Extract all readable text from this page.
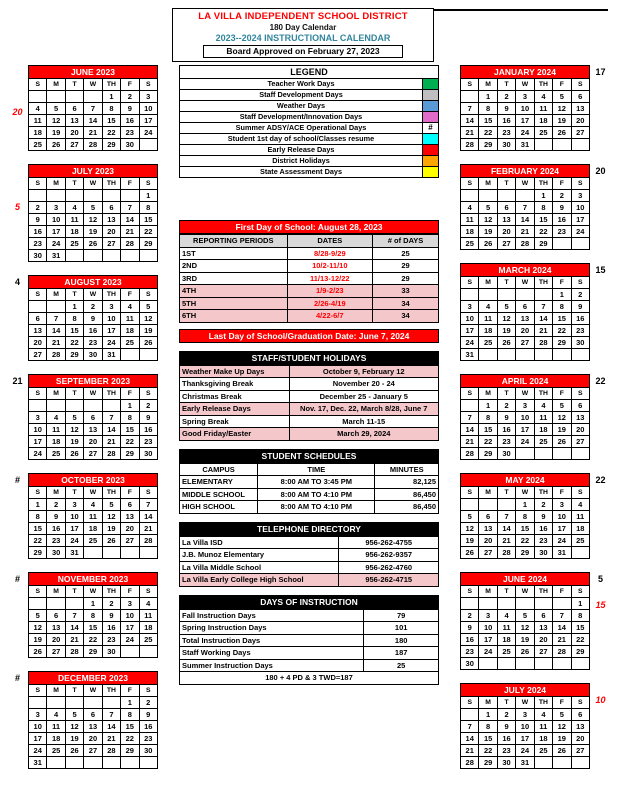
LA VILLA INDEPENDENT SCHOOL DISTRICT
180 Day Calendar
2023--2024 INSTRUCTIONAL CALENDAR
Board Approved on February 27, 2023
20
JUNE 2023
S	M	T	W	TH	F	S
				1	2	3
4	5	6	7	8	9	10
11	12	13	14	15	16	17
18	19	20	21	22	23	24
25	26	27	28	29	30	
5
JULY 2023
S	M	T	W	TH	F	S
						1
2	3	4	5	6	7	8
9	10	11	12	13	14	15
16	17	18	19	20	21	22
23	24	25	26	27	28	29
30	31					
4	AUGUST 2023
S	M	T	W	TH	F	S
		1	2	3	4	5
6	7	8	9	10	11	12
13	14	15	16	17	18	19
20	21	22	23	24	25	26
27	28	29	30	31		
21	SEPTEMBER 2023
S	M	T	W	TH	F	S
					1	2
3	4	5	6	7	8	9
10	11	12	13	14	15	16
17	18	19	20	21	22	23
24	25	26	27	28	29	30
#	OCTOBER 2023
S	M	T	W	TH	F	S
1	2	3	4	5	6	7
8	9	10	11	12	13	14
15	16	17	18	19	20	21
22	23	24	25	26	27	28
29	30	31				
#	NOVEMBER 2023
S	M	T	W	TH	F	S
			1	2	3	4
5	6	7	8	9	10	11
12	13	14	15	16	17	18
19	20	21	22	23	24	25
26	27	28	29	30		
#	DECEMBER 2023
S	M	T	W	TH	F	S
					1	2
3	4	5	6	7	8	9
10	11	12	13	14	15	16
17	18	19	20	21	22	23
24	25	26	27	28	29	30
31						
LEGEND
Teacher Work Days
Staff Development Days
Weather Days
Staff Development/Innovation Days
Summer ADSY/ACE Operational Days	#
Student 1st day of school/Classes resume
Early Release Days
District Holidays
State Assessment Days
First Day of School: August 28, 2023
REPORTING PERIODS	DATES	# of DAYS
1ST	8/28-9/29	25
2ND	10/2-11/10	29
3RD	11/13-12/22	29
4TH	1/9-2/23	33
5TH	2/26-4/19	34
6TH	4/22-6/7	34
Last Day of School/Graduation Date: June 7, 2024
STAFF/STUDENT HOLIDAYS
Weather Make Up Days	October 9, February 12
Thanksgiving Break	November 20 - 24
Christmas Break	December 25 - January 5
Early Release Days	Nov. 17, Dec. 22, March 8/28, June 7
Spring Break	March 11-15
Good Friday/Easter	March 29, 2024
STUDENT SCHEDULES
CAMPUS	TIME	MINUTES
ELEMENTARY	8:00 AM TO 3:45 PM	82,125
MIDDLE SCHOOL	8:00 AM TO 4:10 PM	86,450
HIGH SCHOOL	8:00 AM TO 4:10 PM	86,450
TELEPHONE DIRECTORY
La Villa ISD	956-262-4755
J.B. Munoz Elementary	956-262-9357
La Villa Middle School	956-262-4760
La Villa Early College High School	956-262-4715
DAYS OF INSTRUCTION
Fall Instruction Days	79
Spring Instruction Days	101
Total Instruction Days	180
Staff Working Days	187
Summer Instruction Days	25
180 + 4 PD & 3 TWD=187	
17
JANUARY 2024
S	M	T	W	TH	F	S
	1	2	3	4	5	6
7	8	9	10	11	12	13
14	15	16	17	18	19	20
21	22	23	24	25	26	27
28	29	30	31			
20
FEBRUARY 2024
S	M	T	W	TH	F	S
				1	2	3
4	5	6	7	8	9	10
11	12	13	14	15	16	17
18	19	20	21	22	23	24
25	26	27	28	29		
15
MARCH 2024
S	M	T	W	TH	F	S
					1	2
3	4	5	6	7	8	9
10	11	12	13	14	15	16
17	18	19	20	21	22	23
24	25	26	27	28	29	30
31						
22
APRIL 2024
S	M	T	W	TH	F	S
	1	2	3	4	5	6
7	8	9	10	11	12	13
14	15	16	17	18	19	20
21	22	23	24	25	26	27
28	29	30				
22
MAY 2024
S	M	T	W	TH	F	S
			1	2	3	4
5	6	7	8	9	10	11
12	13	14	15	16	17	18
19	20	21	22	23	24	25
26	27	28	29	30	31	
5
15
JUNE 2024
S	M	T	W	TH	F	S
						1
2	3	4	5	6	7	8
9	10	11	12	13	14	15
16	17	18	19	20	21	22
23	24	25	26	27	28	29
30						
10
JULY 2024
S	M	T	W	TH	F	S
	1	2	3	4	5	6
7	8	9	10	11	12	13
14	15	16	17	18	19	20
21	22	23	24	25	26	27
28	29	30	31			
